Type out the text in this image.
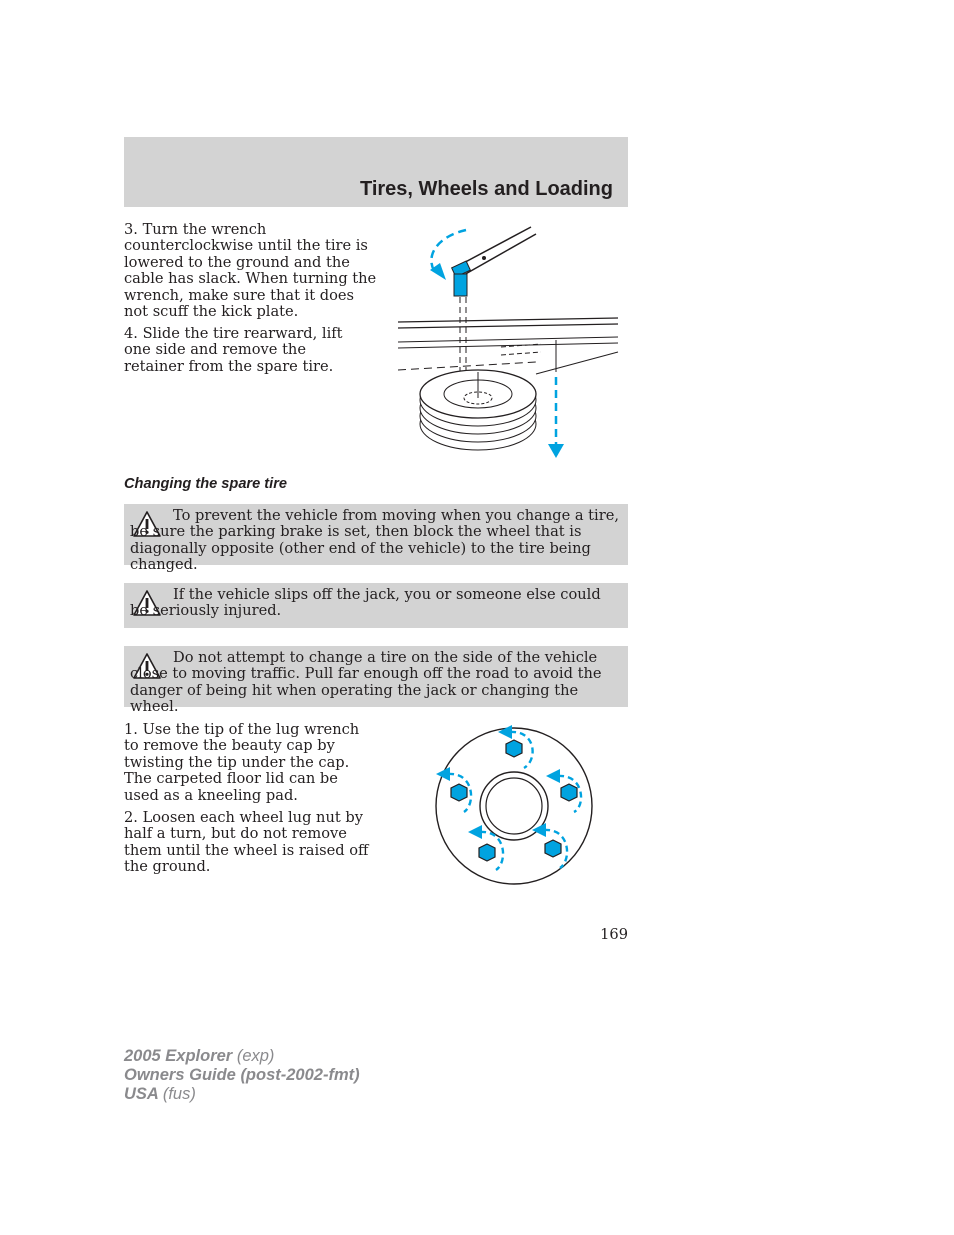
Tires, Wheels and Loading

3. Turn the wrench counterclockwise until the tire is lowered to the ground and the cable has slack. When turning the wrench, make sure that it does not scuff the kick plate.

4. Slide the tire rearward, lift one side and remove the retainer from the spare tire.

Changing the spare tire

To prevent the vehicle from moving when you change a tire, be sure the parking brake is set, then block the wheel that is diagonally opposite (other end of the vehicle) to the tire being changed.

If the vehicle slips off the jack, you or someone else could be seriously injured.

Do not attempt to change a tire on the side of the vehicle close to moving traffic. Pull far enough off the road to avoid the danger of being hit when operating the jack or changing the wheel.

1. Use the tip of the lug wrench to remove the beauty cap by twisting the tip under the cap. The carpeted floor lid can be used as a kneeling pad.

2. Loosen each wheel lug nut by half a turn, but do not remove them until the wheel is raised off the ground.

169
2005 Explorer (exp)
Owners Guide (post-2002-fmt)
USA (fus)
